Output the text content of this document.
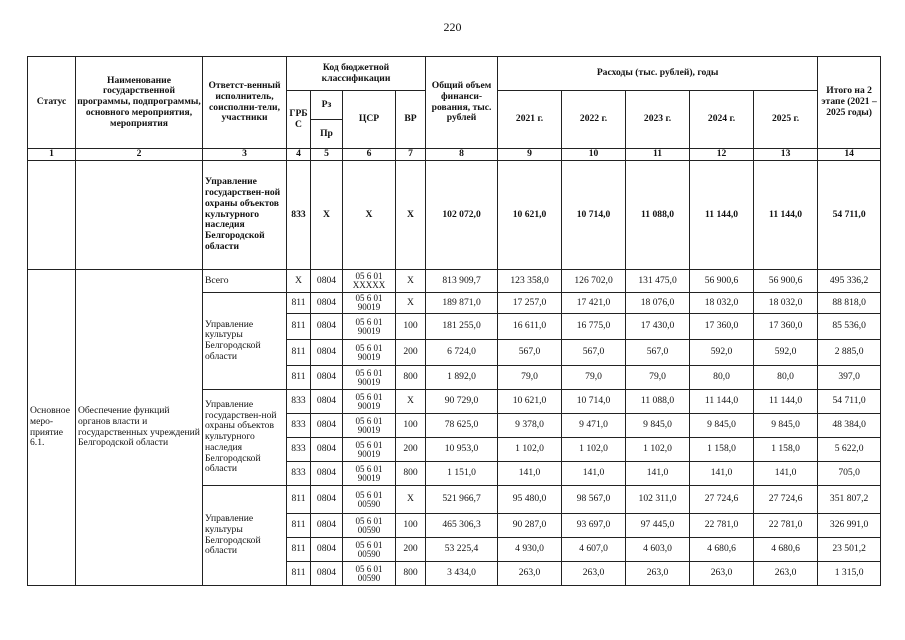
220
Статус	Наименование государственной программы, подпрограммы, основного мероприятия, мероприятия	Ответст-венный исполнитель, соисполни-тели, участники	Код бюджетной классификации				Общий объем финанси-рования, тыс. рублей	Расходы (тыс. рублей), годы					Итого на 2 этапе (2021 – 2025 годы)
			ГРБ С	Рз	ЦСР	ВР		2021 г.	2022 г.	2023 г.	2024 г.	2025 г.	
				Пр									
1	2	3	4	5	6	7	8	9	10	11	12	13	14
		Управление государствен-ной охраны объектов культурного наследия Белгородской области	833	X	X	X	102 072,0	10 621,0	10 714,0	11 088,0	11 144,0	11 144,0	54 711,0
Основное меро-приятие 6.1.	Обеспечение функций органов власти и государственных учреждений Белгородской области	Всего	X	0804	05 6 01 XXXXX	X	813 909,7	123 358,0	126 702,0	131 475,0	56 900,6	56 900,6	495 336,2
		Управление культуры Белгородской области	811	0804	05 6 01 90019	X	189 871,0	17 257,0	17 421,0	18 076,0	18 032,0	18 032,0	88 818,0
			811	0804	05 6 01 90019	100	181 255,0	16 611,0	16 775,0	17 430,0	17 360,0	17 360,0	85 536,0
			811	0804	05 6 01 90019	200	6 724,0	567,0	567,0	567,0	592,0	592,0	2 885,0
			811	0804	05 6 01 90019	800	1 892,0	79,0	79,0	79,0	80,0	80,0	397,0
		Управление государствен-ной охраны объектов культурного наследия Белгородской области	833	0804	05 6 01 90019	X	90 729,0	10 621,0	10 714,0	11 088,0	11 144,0	11 144,0	54 711,0
			833	0804	05 6 01 90019	100	78 625,0	9 378,0	9 471,0	9 845,0	9 845,0	9 845,0	48 384,0
			833	0804	05 6 01 90019	200	10 953,0	1 102,0	1 102,0	1 102,0	1 158,0	1 158,0	5 622,0
			833	0804	05 6 01 90019	800	1 151,0	141,0	141,0	141,0	141,0	141,0	705,0
		Управление культуры Белгородской области	811	0804	05 6 01 00590	X	521 966,7	95 480,0	98 567,0	102 311,0	27 724,6	27 724,6	351 807,2
			811	0804	05 6 01 00590	100	465 306,3	90 287,0	93 697,0	97 445,0	22 781,0	22 781,0	326 991,0
			811	0804	05 6 01 00590	200	53 225,4	4 930,0	4 607,0	4 603,0	4 680,6	4 680,6	23 501,2
			811	0804	05 6 01 00590	800	3 434,0	263,0	263,0	263,0	263,0	263,0	1 315,0
